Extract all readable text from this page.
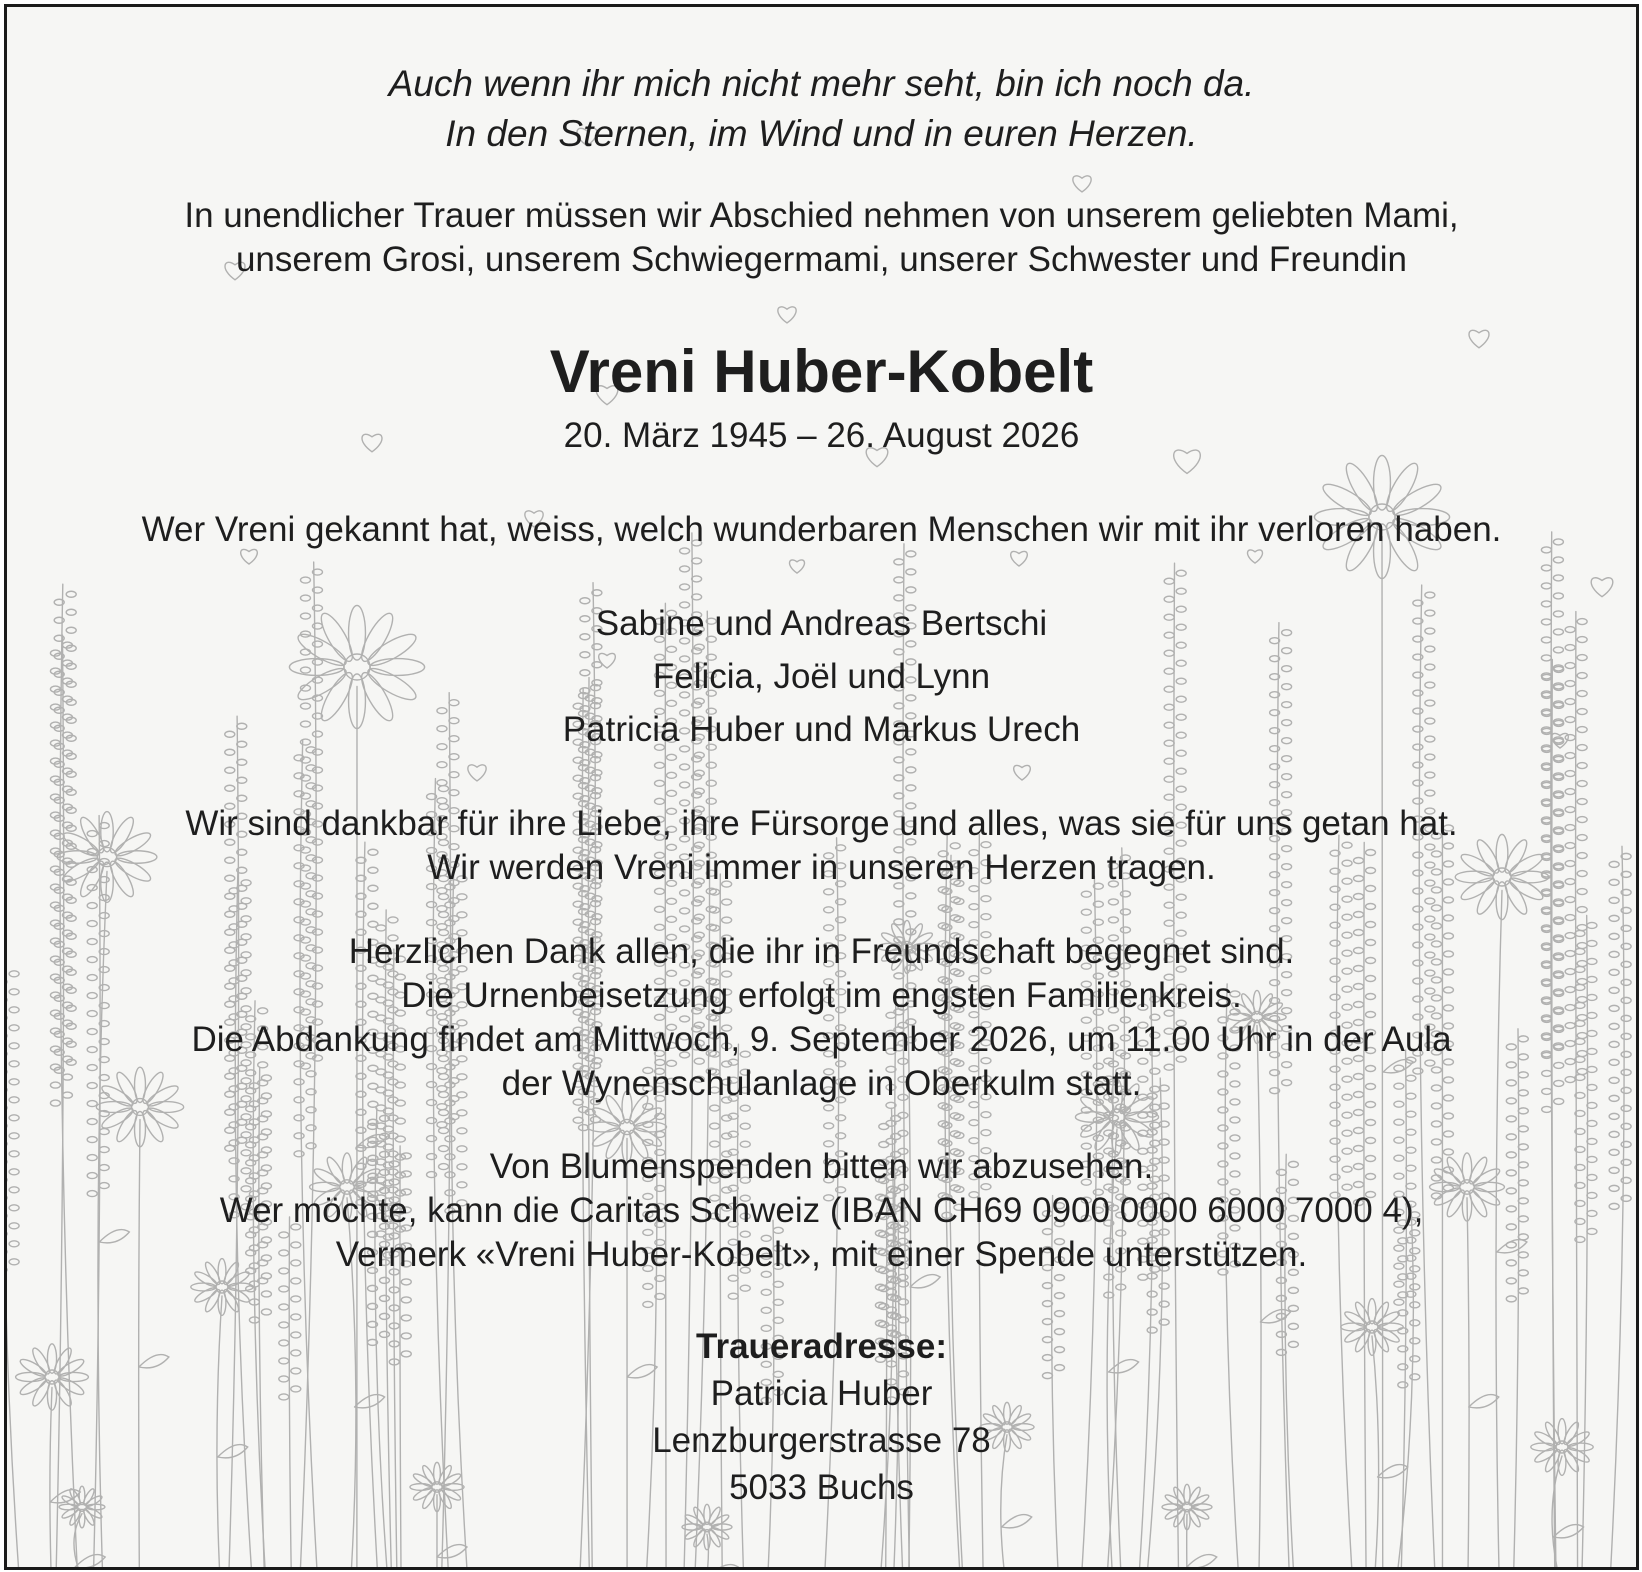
Auch wenn ihr mich nicht mehr seht, bin ich noch da.
In den Sternen, im Wind und in euren Herzen.
In unendlicher Trauer müssen wir Abschied nehmen von unserem geliebten Mami,
unserem Grosi, unserem Schwiegermami, unserer Schwester und Freundin
Vreni Huber-Kobelt
20. März 1945 – 26. August 2026
Wer Vreni gekannt hat, weiss, welch wunderbaren Menschen wir mit ihr verloren haben.
Sabine und Andreas Bertschi
Felicia, Joël und Lynn
Patricia Huber und Markus Urech
Wir sind dankbar für ihre Liebe, ihre Fürsorge und alles, was sie für uns getan hat.
Wir werden Vreni immer in unseren Herzen tragen.
Herzlichen Dank allen, die ihr in Freundschaft begegnet sind.
Die Urnenbeisetzung erfolgt im engsten Familienkreis.
Die Abdankung findet am Mittwoch, 9. September 2026, um 11.00 Uhr in der Aula
der Wynenschulanlage in Oberkulm statt.
Von Blumenspenden bitten wir abzusehen.
Wer möchte, kann die Caritas Schweiz (IBAN CH69 0900 0000 6000 7000 4),
Vermerk «Vreni Huber-Kobelt», mit einer Spende unterstützen.
Traueradresse:
Patricia Huber
Lenzburgerstrasse 78
5033 Buchs
